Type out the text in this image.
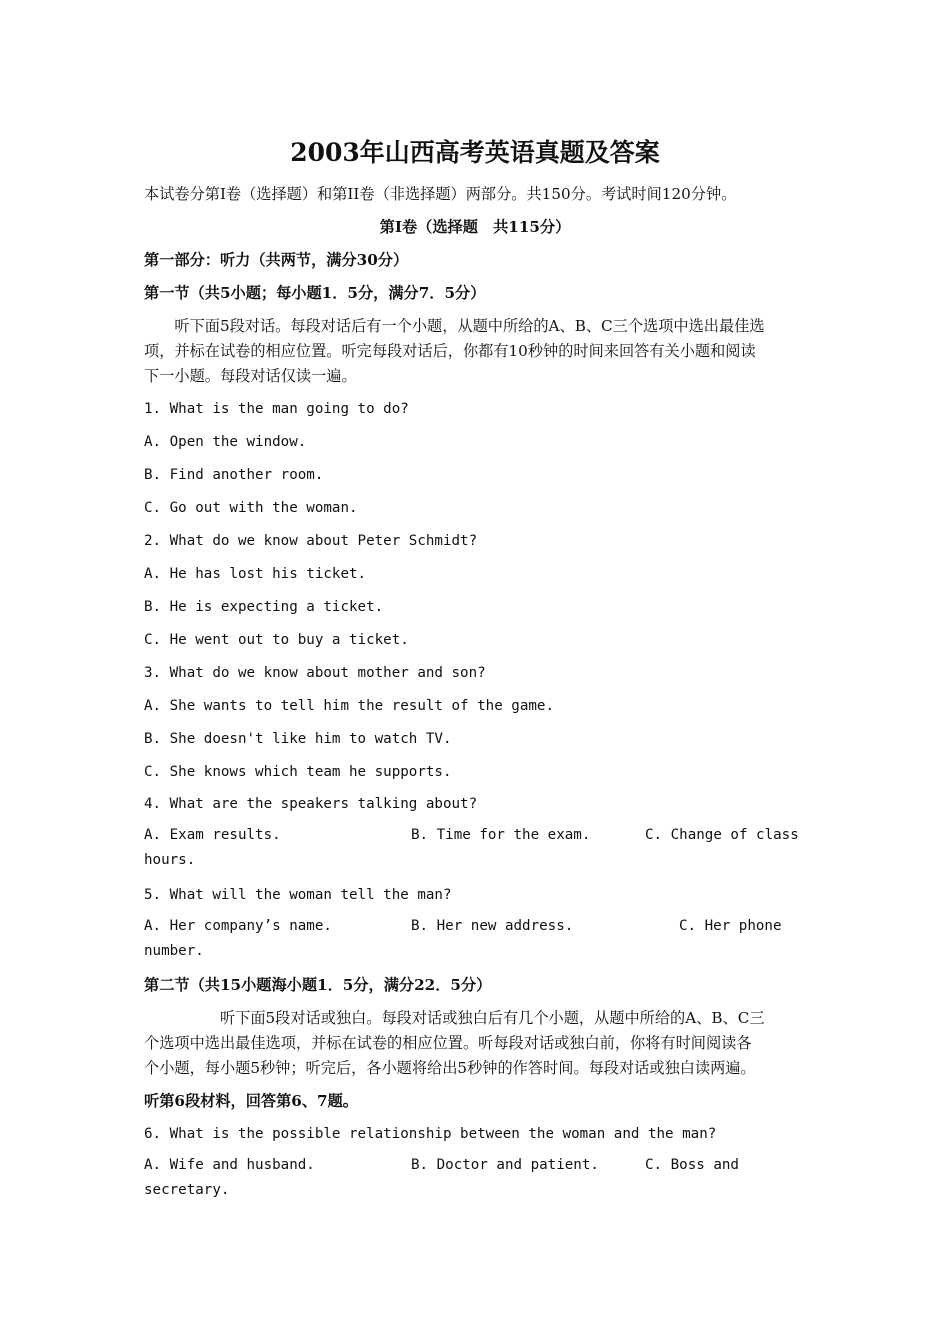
2003年山西高考英语真题及答案
本试卷分第I卷（选择题）和第II卷（非选择题）两部分。共150分。考试时间120分钟。
第I卷（选择题　共115分）
第一部分：听力（共两节，满分30分）
第一节（共5小题；每小题1．5分，满分7．5分）
　　听下面5段对话。每段对话后有一个小题，从题中所给的A、B、C三个选项中选出最佳选
项，并标在试卷的相应位置。听完每段对话后，你都有10秒钟的时间来回答有关小题和阅读
下一小题。每段对话仅读一遍。
1. What is the man going to do?
A. Open the window.
B. Find another room.
C. Go out with the woman.
2. What do we know about Peter Schmidt?
A. He has lost his ticket.
B. He is expecting a ticket.
C. He went out to buy a ticket.
3. What do we know about mother and son?
A. She wants to tell him the result of the game.
B. She doesn't like him to watch TV.
C. She knows which team he supports.
4. What are the speakers talking about?
A. Exam results.	B. Time for the exam.	C. Change of class
hours.
5. What will the woman tell the man?
A. Her company’s name.	B. Her new address.	C. Her phone
number.
第二节（共15小题海小题1．5分，满分22．5分）
　　　　　听下面5段对话或独白。每段对话或独白后有几个小题，从题中所给的A、B、C三
个选项中选出最佳选项，并标在试卷的相应位置。听每段对话或独白前，你将有时间阅读各
个小题，每小题5秒钟；听完后，各小题将给出5秒钟的作答时间。每段对话或独白读两遍。
听第6段材料，回答第6、7题。
6. What is the possible relationship between the woman and the man?
A. Wife and husband.	B. Doctor and patient.	C. Boss and
secretary.
